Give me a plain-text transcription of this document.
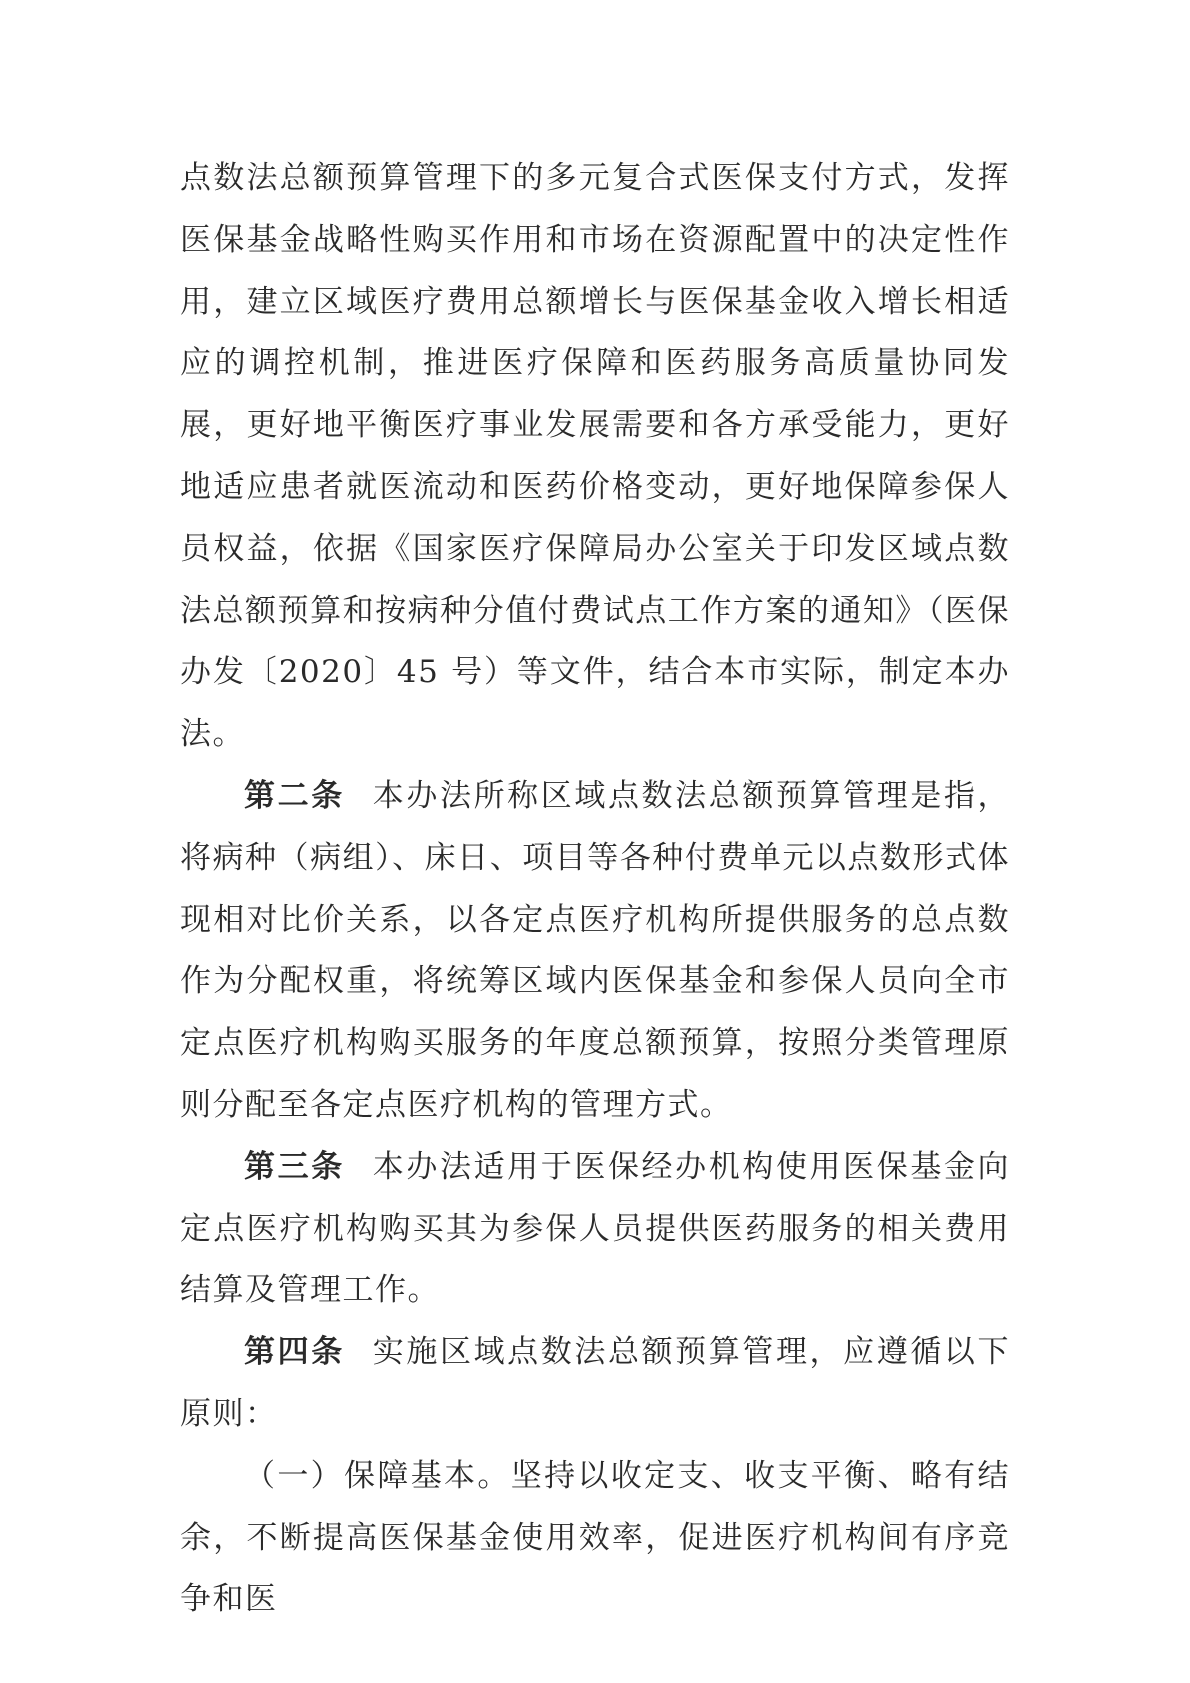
点数法总额预算管理下的多元复合式医保支付方式，发挥医保基金战略性购买作用和市场在资源配置中的决定性作用，建立区域医疗费用总额增长与医保基金收入增长相适应的调控机制，推进医疗保障和医药服务高质量协同发展，更好地平衡医疗事业发展需要和各方承受能力，更好地适应患者就医流动和医药价格变动，更好地保障参保人员权益，依据《国家医疗保障局办公室关于印发区域点数法总额预算和按病种分值付费试点工作方案的通知》（医保办发〔2020〕45 号）等文件，结合本市实际，制定本办法。

第二条 本办法所称区域点数法总额预算管理是指，将病种（病组）、床日、项目等各种付费单元以点数形式体现相对比价关系，以各定点医疗机构所提供服务的总点数作为分配权重，将统筹区域内医保基金和参保人员向全市定点医疗机构购买服务的年度总额预算，按照分类管理原则分配至各定点医疗机构的管理方式。

第三条 本办法适用于医保经办机构使用医保基金向定点医疗机构购买其为参保人员提供医药服务的相关费用结算及管理工作。

第四条 实施区域点数法总额预算管理，应遵循以下原则：

（一）保障基本。坚持以收定支、收支平衡、略有结余，不断提高医保基金使用效率，促进医疗机构间有序竞争和医
